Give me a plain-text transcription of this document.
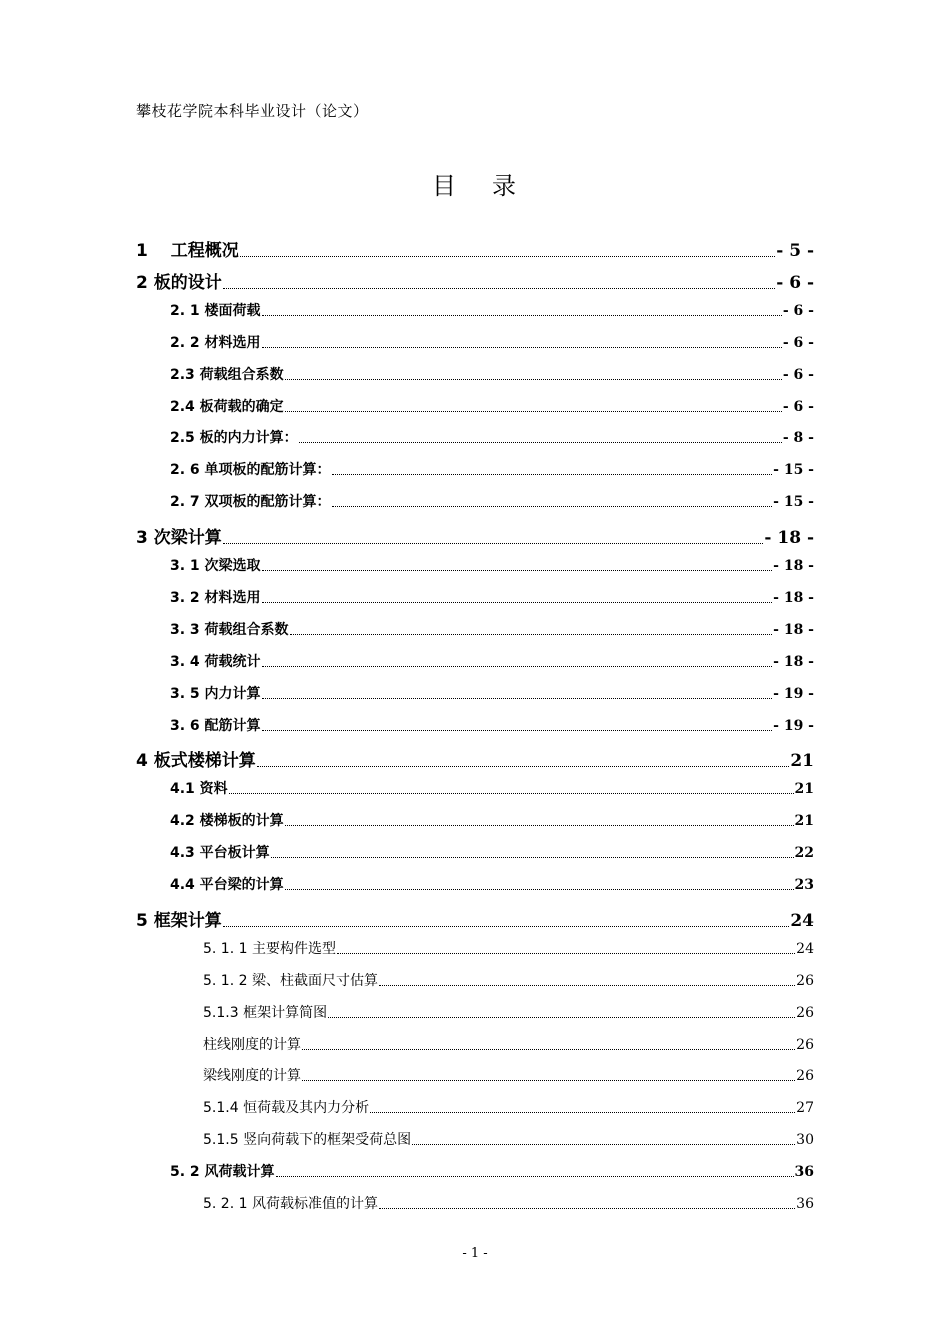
攀枝花学院本科毕业设计（论文）
目 录
1　 工程概况	- 5 -
2 板的设计	- 6 -
2. 1 楼面荷载	- 6 -
2. 2 材料选用	- 6 -
2.3 荷载组合系数	- 6 -
2.4 板荷载的确定	- 6 -
2.5 板的内力计算：	- 8 -
2. 6 单项板的配筋计算：	- 15 -
2. 7 双项板的配筋计算：	- 15 -
3 次梁计算	- 18 -
3. 1 次梁选取	- 18 -
3. 2 材料选用	- 18 -
3. 3 荷载组合系数	- 18 -
3. 4 荷载统计	- 18 -
3. 5 内力计算	- 19 -
3. 6 配筋计算	- 19 -
4 板式楼梯计算	21
4.1 资料	21
4.2 楼梯板的计算	21
4.3 平台板计算	22
4.4 平台梁的计算	23
5 框架计算	24
5. 1. 1 主要构件选型	24
5. 1. 2 梁、柱截面尺寸估算	26
5.1.3 框架计算简图	26
柱线刚度的计算	26
梁线刚度的计算	26
5.1.4 恒荷载及其内力分析	27
5.1.5 竖向荷载下的框架受荷总图	30
5. 2 风荷载计算	36
5. 2. 1 风荷载标准值的计算	36
- 1 -
